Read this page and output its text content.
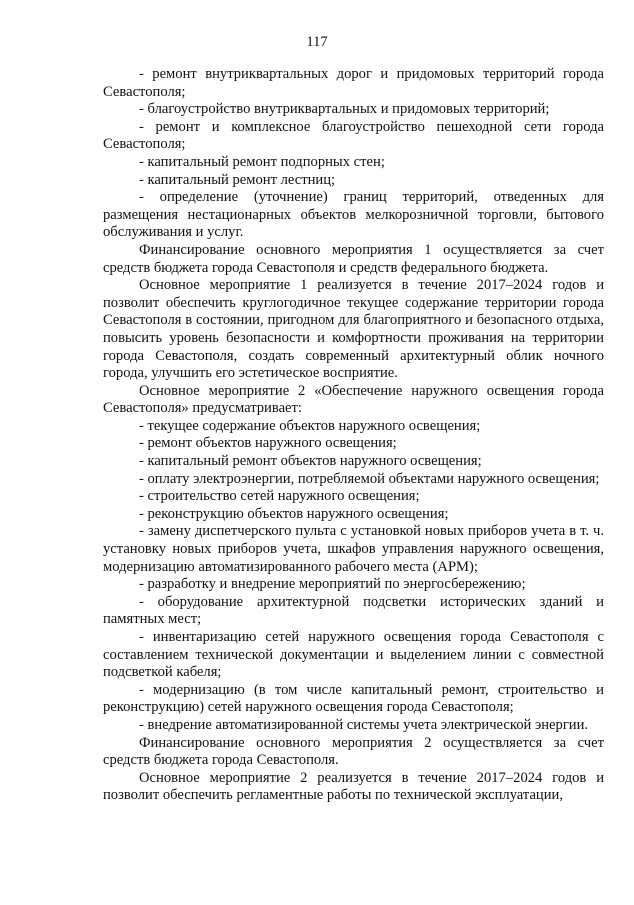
117

- ремонт внутриквартальных дорог и придомовых территорий города Севастополя;

- благоустройство внутриквартальных и придомовых территорий;

- ремонт и комплексное благоустройство пешеходной сети города Севастополя;

- капитальный ремонт подпорных стен;

- капитальный ремонт лестниц;

- определение (уточнение) границ территорий, отведенных для размещения нестационарных объектов мелкорозничной торговли, бытового обслуживания и услуг.

Финансирование основного мероприятия 1 осуществляется за счет средств бюджета города Севастополя и средств федерального бюджета.

Основное мероприятие 1 реализуется в течение 2017–2024 годов и позволит обеспечить круглогодичное текущее содержание территории города Севастополя в состоянии, пригодном для благоприятного и безопасного отдыха, повысить уровень безопасности и комфортности проживания на территории города Севастополя, создать современный архитектурный облик ночного города, улучшить его эстетическое восприятие.

Основное мероприятие 2 «Обеспечение наружного освещения города Севастополя» предусматривает:

- текущее содержание объектов наружного освещения;

- ремонт объектов наружного освещения;

- капитальный ремонт объектов наружного освещения;

- оплату электроэнергии, потребляемой объектами наружного освещения;

- строительство сетей наружного освещения;

- реконструкцию объектов наружного освещения;

- замену диспетчерского пульта с установкой новых приборов учета в т. ч. установку новых приборов учета, шкафов управления наружного освещения, модернизацию автоматизированного рабочего места (АРМ);

- разработку и внедрение мероприятий по энергосбережению;

- оборудование архитектурной подсветки исторических зданий и памятных мест;

- инвентаризацию сетей наружного освещения города Севастополя с составлением технической документации и выделением линии с совместной подсветкой кабеля;

- модернизацию (в том числе капитальный ремонт, строительство и реконструкцию) сетей наружного освещения города Севастополя;

- внедрение автоматизированной системы учета электрической энергии.

Финансирование основного мероприятия 2 осуществляется за счет средств бюджета города Севастополя.

Основное мероприятие 2 реализуется в течение 2017–2024 годов и позволит обеспечить регламентные работы по технической эксплуатации,
